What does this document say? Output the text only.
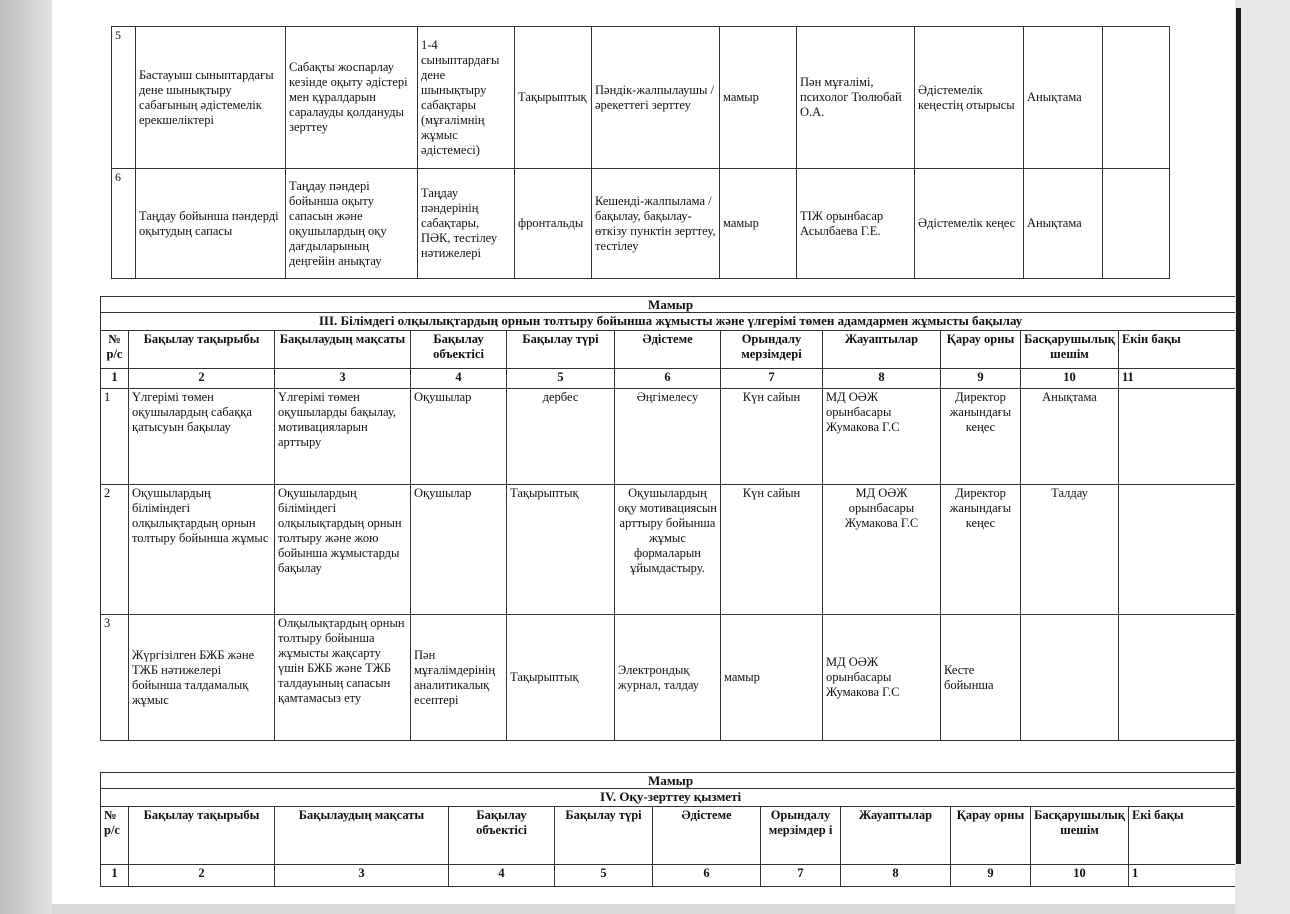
5	Бастауыш сыныптардағы дене шынықтыру сабағының әдістемелік ерекшеліктері	Сабақты жоспарлау кезінде оқыту әдістері мен құралдарын саралауды қолдануды зерттеу	1-4 сыныптардағы дене шынықтыру сабақтары (мұғалімнің жұмыс әдістемесі)	Тақырыптық	Пәндік-жалпылаушы / әрекеттегі зерттеу	мамыр	Пән мұғалімі, психолог Тюлюбай О.А.	Әдістемелік кеңестің отырысы	Анықтама	
6	Таңдау бойынша пәндерді оқытудың сапасы	Таңдау пәндері бойынша оқыту сапасын және оқушылардың оқу дағдыларының деңгейін анықтау	Таңдау пәндерінің сабақтары, ПӘК, тестілеу нәтижелері	фронтальды	Кешенді-жалпылама / бақылау, бақылау-өткізу пунктін зерттеу, тестілеу	мамыр	ТІЖ орынбасар Асылбаева Г.Е.	Әдістемелік кеңес	Анықтама	
Мамыр										
III. Білімдегі олқылықтардың орнын толтыру бойынша жұмысты және үлгерімі төмен адамдармен жұмысты бақылау										
№ р/с	Бақылау тақырыбы	Бақылаудың мақсаты	Бақылау объектісі	Бақылау түрі	Әдістеме	Орындалу мерзімдері	Жауаптылар	Қарау орны	Басқарушылық шешім	Екін бақы
1	2	3	4	5	6	7	8	9	10	11
1	Үлгерімі төмен оқушылардың сабаққа қатысуын бақылау	Үлгерімі төмен оқушыларды бақылау, мотивацияларын арттыру	Оқушылар	дербес	Әңгімелесу	Күн сайын	МД ОӘЖ орынбасары Жумакова Г.С	Директор жанындағы кеңес	Анықтама	
2	Оқушылардың біліміндегі олқылықтардың орнын толтыру бойынша жұмыс	Оқушылардың біліміндегі олқылықтардың орнын толтыру және жою бойынша жұмыстарды бақылау	Оқушылар	Тақырыптық	Оқушылардың оқу мотивациясын арттыру бойынша жұмыс формаларын ұйымдастыру.	Күн сайын	МД ОӘЖ орынбасары Жумакова Г.С	Директор жанындағы кеңес	Талдау	
3	Жүргізілген БЖБ және ТЖБ нәтижелері бойынша талдамалық жұмыс	Олқылықтардың орнын толтыру бойынша жұмысты жақсарту үшін БЖБ және ТЖБ талдауының сапасын қамтамасыз ету	Пән мұғалімдерінің аналитикалық есептері	Тақырыптық	Электрондық журнал, талдау	мамыр	МД ОӘЖ орынбасары Жумакова Г.С	Кесте бойынша		
Мамыр										
IV. Оқу-зерттеу қызметі										
№ р/с	Бақылау тақырыбы	Бақылаудың мақсаты	Бақылау объектісі	Бақылау түрі	Әдістеме	Орындалу мерзімдер і	Жауаптылар	Қарау орны	Басқарушылық шешім	Екі бақы
1	2	3	4	5	6	7	8	9	10	1
